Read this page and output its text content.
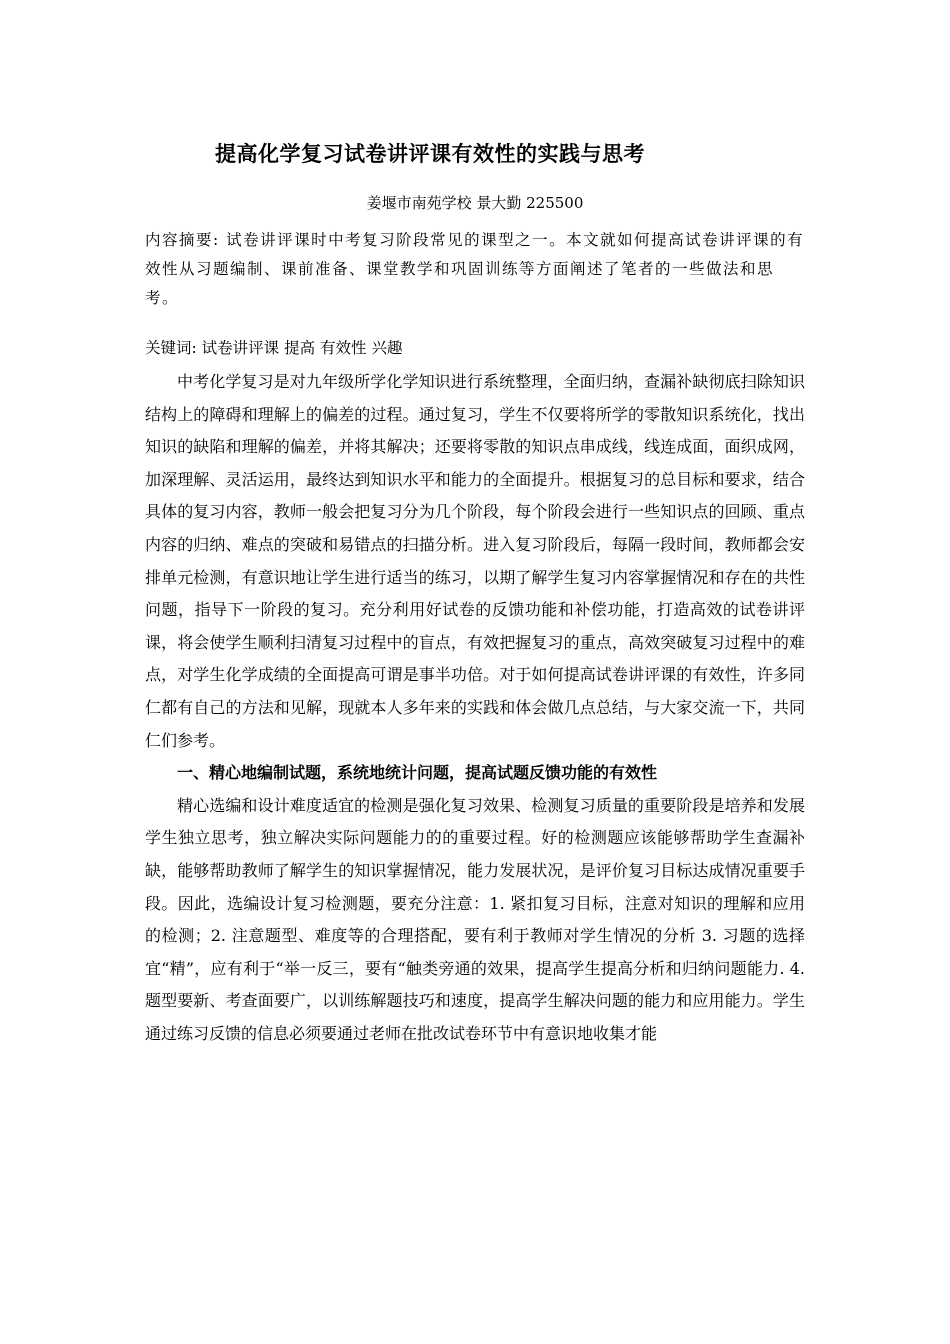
提高化学复习试卷讲评课有效性的实践与思考
姜堰市南苑学校 景大勤 225500
内容摘要: 试卷讲评课时中考复习阶段常见的课型之一。本文就如何提高试卷讲评课的有效性从习题编制、课前准备、课堂教学和巩固训练等方面阐述了笔者的一些做法和思考。
关键词: 试卷讲评课 提高 有效性 兴趣

中考化学复习是对九年级所学化学知识进行系统整理，全面归纳，查漏补缺彻底扫除知识结构上的障碍和理解上的偏差的过程。通过复习，学生不仅要将所学的零散知识系统化，找出知识的缺陷和理解的偏差，并将其解决；还要将零散的知识点串成线，线连成面，面织成网，加深理解、灵活运用，最终达到知识水平和能力的全面提升。根据复习的总目标和要求，结合具体的复习内容，教师一般会把复习分为几个阶段，每个阶段会进行一些知识点的回顾、重点内容的归纳、难点的突破和易错点的扫描分析。进入复习阶段后，每隔一段时间，教师都会安排单元检测，有意识地让学生进行适当的练习，以期了解学生复习内容掌握情况和存在的共性问题，指导下一阶段的复习。充分利用好试卷的反馈功能和补偿功能，打造高效的试卷讲评课，将会使学生顺利扫清复习过程中的盲点，有效把握复习的重点，高效突破复习过程中的难点，对学生化学成绩的全面提高可谓是事半功倍。对于如何提高试卷讲评课的有效性，许多同仁都有自己的方法和见解，现就本人多年来的实践和体会做几点总结，与大家交流一下，共同仁们参考。

一、精心地编制试题，系统地统计问题，提高试题反馈功能的有效性

精心选编和设计难度适宜的检测是强化复习效果、检测复习质量的重要阶段是培养和发展学生独立思考，独立解决实际问题能力的的重要过程。好的检测题应该能够帮助学生查漏补缺，能够帮助教师了解学生的知识掌握情况，能力发展状况，是评价复习目标达成情况重要手段。因此，选编设计复习检测题，要充分注意：1. 紧扣复习目标，注意对知识的理解和应用的检测；2. 注意题型、难度等的合理搭配，要有利于教师对学生情况的分析 3. 习题的选择宜“精”，应有利于“举一反三，要有“触类旁通的效果，提高学生提高分析和归纳问题能力. 4. 题型要新、考查面要广，以训练解题技巧和速度，提高学生解决问题的能力和应用能力。学生通过练习反馈的信息必须要通过老师在批改试卷环节中有意识地收集才能
